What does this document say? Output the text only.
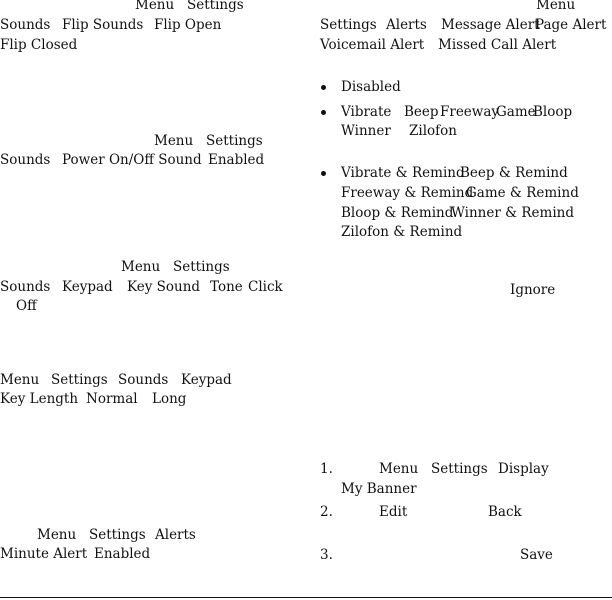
Menu Settings
Sounds Flip Sounds Flip Open
Flip Closed
Menu Settings
Sounds Power On/Off Sound Enabled
Menu Settings
Sounds Keypad Key Sound Tone Click
Off
Menu Settings Sounds Keypad
Key Length Normal Long
Menu Settings Alerts
Minute Alert Enabled
Menu
Settings Alerts Message Alert
Page Alert
Voicemail Alert Missed Call Alert
Disabled
Vibrate Beep Freeway
Game
Bloop
Winner Zilofon
Vibrate & Remind
Beep & Remind
Freeway & Remind
Game & Remind
Bloop & Remind
Winner & Remind
Zilofon & Remind
Ignore
1.	Menu Settings Display
My Banner
2.	Edit	Back
3.	Save
